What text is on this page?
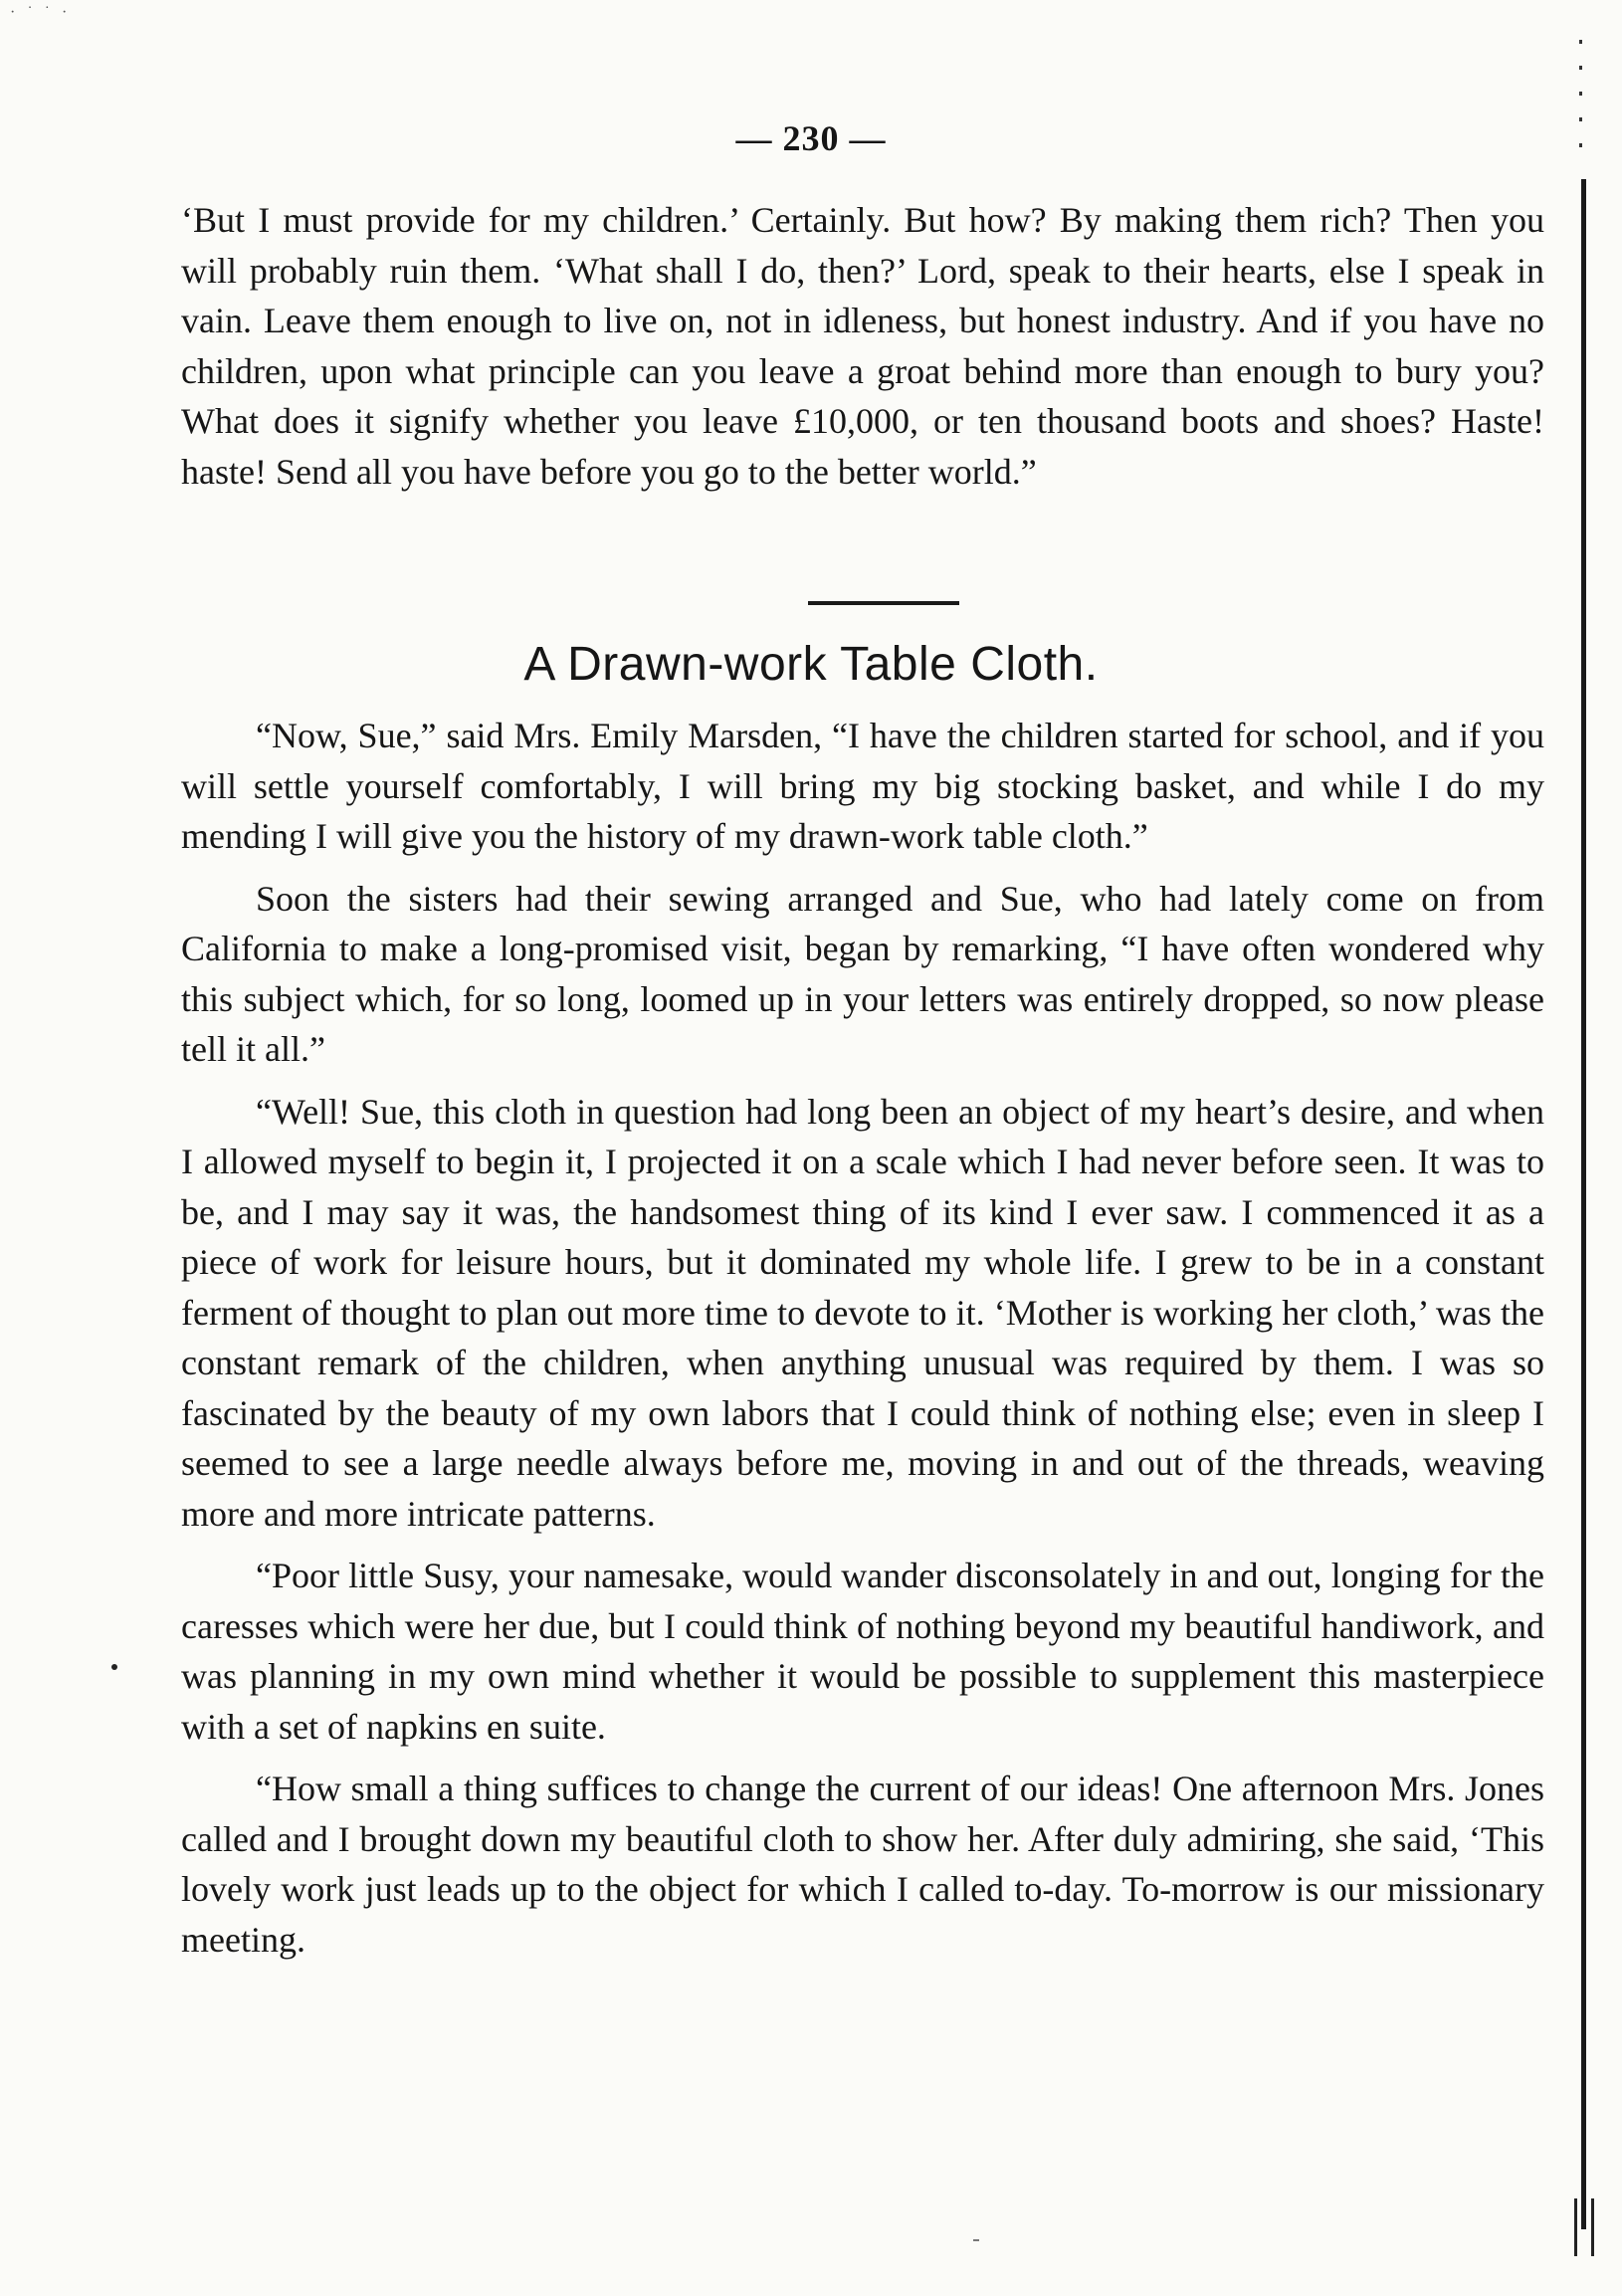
· ˙ ˙ ·
— 230 —

‘But I must provide for my children.’ Certainly. But how? By making them rich? Then you will probably ruin them. ‘What shall I do, then?’ Lord, speak to their hearts, else I speak in vain. Leave them enough to live on, not in idleness, but honest industry. And if you have no children, upon what principle can you leave a groat behind more than enough to bury you? What does it signify whether you leave £10,000, or ten thousand boots and shoes? Haste! haste! Send all you have before you go to the better world.”

A Drawn-work Table Cloth.

“Now, Sue,” said Mrs. Emily Marsden, “I have the children started for school, and if you will settle yourself comfortably, I will bring my big stocking basket, and while I do my mending I will give you the history of my drawn-work table cloth.”

Soon the sisters had their sewing arranged and Sue, who had lately come on from California to make a long-promised visit, began by remarking, “I have often wondered why this subject which, for so long, loomed up in your letters was entirely dropped, so now please tell it all.”

“Well! Sue, this cloth in question had long been an object of my heart’s desire, and when I allowed myself to begin it, I projected it on a scale which I had never before seen. It was to be, and I may say it was, the handsomest thing of its kind I ever saw. I commenced it as a piece of work for leisure hours, but it dominated my whole life. I grew to be in a constant ferment of thought to plan out more time to devote to it. ‘Mother is working her cloth,’ was the constant remark of the children, when anything unusual was required by them. I was so fascinated by the beauty of my own labors that I could think of nothing else; even in sleep I seemed to see a large needle always before me, moving in and out of the threads, weaving more and more intricate patterns.

“Poor little Susy, your namesake, would wander disconsolately in and out, longing for the caresses which were her due, but I could think of nothing beyond my beautiful handiwork, and was planning in my own mind whether it would be possible to supplement this masterpiece with a set of napkins en suite.

“How small a thing suffices to change the current of our ideas! One afternoon Mrs. Jones called and I brought down my beautiful cloth to show her. After duly admiring, she said, ‘This lovely work just leads up to the object for which I called to-day. To-morrow is our missionary meeting.
